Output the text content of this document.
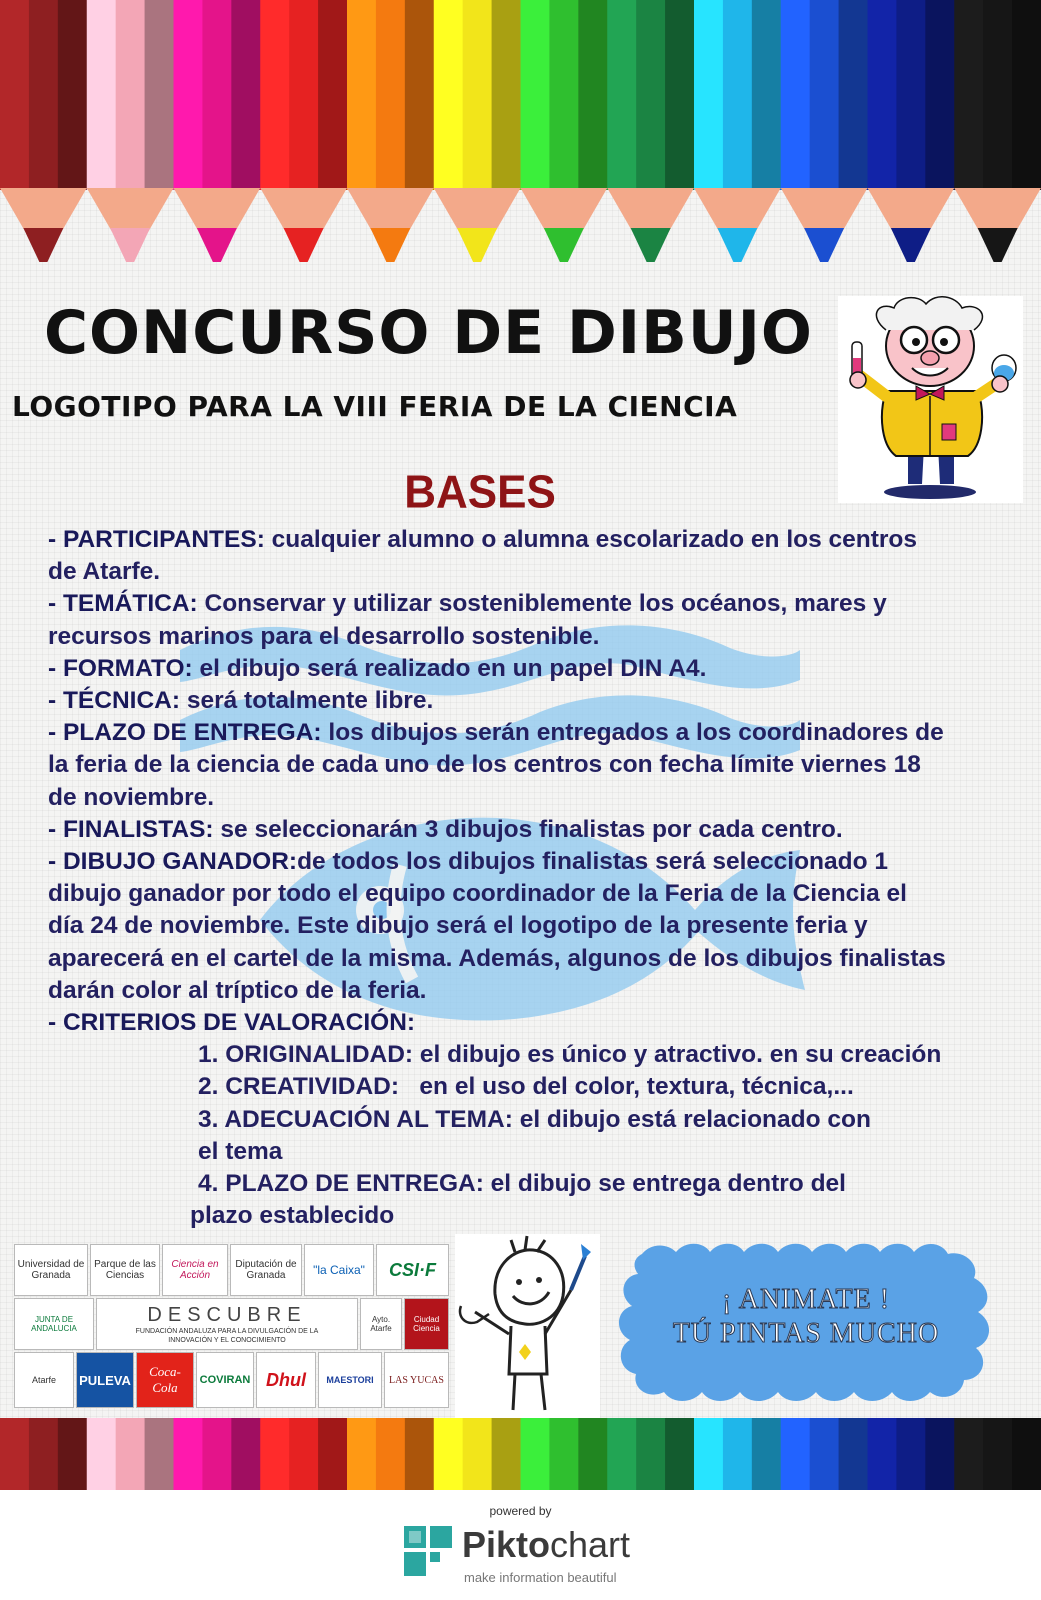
CONCURSO DE DIBUJO
LOGOTIPO PARA LA VIII FERIA DE LA CIENCIA
BASES

- PARTICIPANTES: cualquier alumno o alumna escolarizado en los centros de Atarfe.

- TEMÁTICA: Conservar y utilizar sosteniblemente los océanos, mares y recursos marinos para el desarrollo sostenible.

- FORMATO: el dibujo será realizado en un papel DIN A4.

- TÉCNICA: será totalmente libre.

- PLAZO DE ENTREGA: los dibujos serán entregados a los coordinadores de la feria de la ciencia de cada uno de los centros con fecha límite viernes 18 de noviembre.

- FINALISTAS: se seleccionarán 3 dibujos finalistas por cada centro.

- DIBUJO GANADOR:de todos los dibujos finalistas será seleccionado 1 dibujo ganador por todo el equipo coordinador de la Feria de la Ciencia el día 24 de noviembre. Este dibujo será el logotipo de la presente feria y aparecerá en el cartel de la misma. Además, algunos de los dibujos finalistas darán color al tríptico de la feria.

- CRITERIOS DE VALORACIÓN:

1. ORIGINALIDAD: el dibujo es único y atractivo. en su creación

2. CREATIVIDAD:   en el uso del color, textura, técnica,...

3. ADECUACIÓN AL TEMA: el dibujo está relacionado con el tema

4. PLAZO DE ENTREGA: el dibujo se entrega dentro del plazo establecido

Universidad de Granada
Parque de las Ciencias
Ciencia en Acción
Diputación de Granada	"la Caixa" CSI·F
JUNTA DE ANDALUCIA
DESCUBRE
FUNDACIÓN ANDALUZA PARA LA DIVULGACIÓN DE LA INNOVACIÓN Y EL CONOCIMIENTO
Ayto. Atarfe
Ciudad Ciencia
Atarfe PULEVA
Coca-Cola	COVIRAN Dhul MAESTORI LAS YUCAS
¡ ANIMATE !
TÚ PINTAS MUCHO
powered by
Piktochart
make information beautiful
